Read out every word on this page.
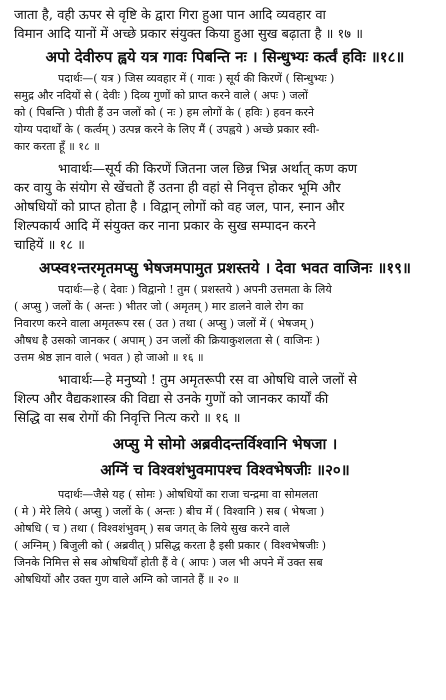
जाता है, वही ऊपर से वृष्टि के द्वारा गिरा हुआ पान आदि व्यवहार वा

विमान आदि यानों में अच्छे प्रकार संयुक्त किया हुआ सुख बढ़ाता है ॥ १७ ॥

अपो देवीरुप ह्वये यत्र गावः पिबन्ति नः । सिन्धुभ्यः कर्त्वं हविः ॥१८॥

पदार्थः—( यत्र ) जिस व्यवहार में ( गावः ) सूर्य की किरणें ( सिन्धुभ्यः )

समुद्र और नदियों से ( देवीः ) दिव्य गुणों को प्राप्त करने वाले ( अपः ) जलों

को ( पिबन्ति ) पीती हैं उन जलों को ( नः ) हम लोगों के ( हविः ) हवन करने

योग्य पदार्थों के ( कर्त्वम् ) उत्पन्न करने के लिए मैं ( उपह्वये ) अच्छे प्रकार स्वी-

कार करता हूँ ॥ १८ ॥

भावार्थः—सूर्य की किरणें जितना जल छिन्न भिन्न अर्थात् कण कण

कर वायु के संयोग से खेंचतो हैं उतना ही वहां से निवृत्त होकर भूमि और

ओषधियों को प्राप्त होता है । विद्वान् लोगों को वह जल, पान, स्नान और

शिल्पकार्य आदि में संयुक्त कर नाना प्रकार के सुख सम्पादन करने

चाहियें ॥ १८ ॥

अप्स्व१न्तरमृतमप्सु भेषजमपामुत प्रशस्तये । देवा भवत वाजिनः ॥१९॥

पदार्थः—हे ( देवाः ) विद्वानो ! तुम ( प्रशस्तये ) अपनी उत्तमता के लिये

( अप्सु ) जलों के ( अन्तः ) भीतर जो ( अमृतम् ) मार डालने वाले रोग का

निवारण करने वाला अमृतरूप रस ( उत ) तथा ( अप्सु ) जलों में ( भेषजम् )

औषध है उसको जानकर ( अपाम् ) उन जलों की क्रियाकुशलता से ( वाजिनः )

उत्तम श्रेष्ठ ज्ञान वाले ( भवत ) हो जाओ ॥ १६ ॥

भावार्थः—हे मनुष्यो ! तुम अमृतरूपी रस वा ओषधि वाले जलों से

शिल्प और वैद्यकशास्त्र की विद्या से उनके गुणों को जानकर कार्यों की

सिद्धि वा सब रोगों की निवृत्ति नित्य करो ॥ १६ ॥

अप्सु मे सोमो अब्रवीदन्तर्विश्वानि भेषजा ।

अग्निं च विश्वशंभुवमापश्च विश्वभेषजीः ॥२०॥

पदार्थः—जैसे यह ( सोमः ) ओषधियों का राजा चन्द्रमा वा सोमलता

( मे ) मेरे लिये ( अप्सु ) जलों के ( अन्तः ) बीच में ( विश्वानि ) सब ( भेषजा )

ओषधि ( च ) तथा ( विश्वशंभुवम् ) सब जगत् के लिये सुख करने वाले

( अग्निम् ) बिजुली को ( अब्रवीत् ) प्रसिद्ध करता है इसी प्रकार ( विश्वभेषजीः )

जिनके निमित्त से सब ओषधियाँ होती हैं वे ( आपः ) जल भी अपने में उक्त सब

ओषधियों और उक्त गुण वाले अग्नि को जानते हैं ॥ २० ॥
